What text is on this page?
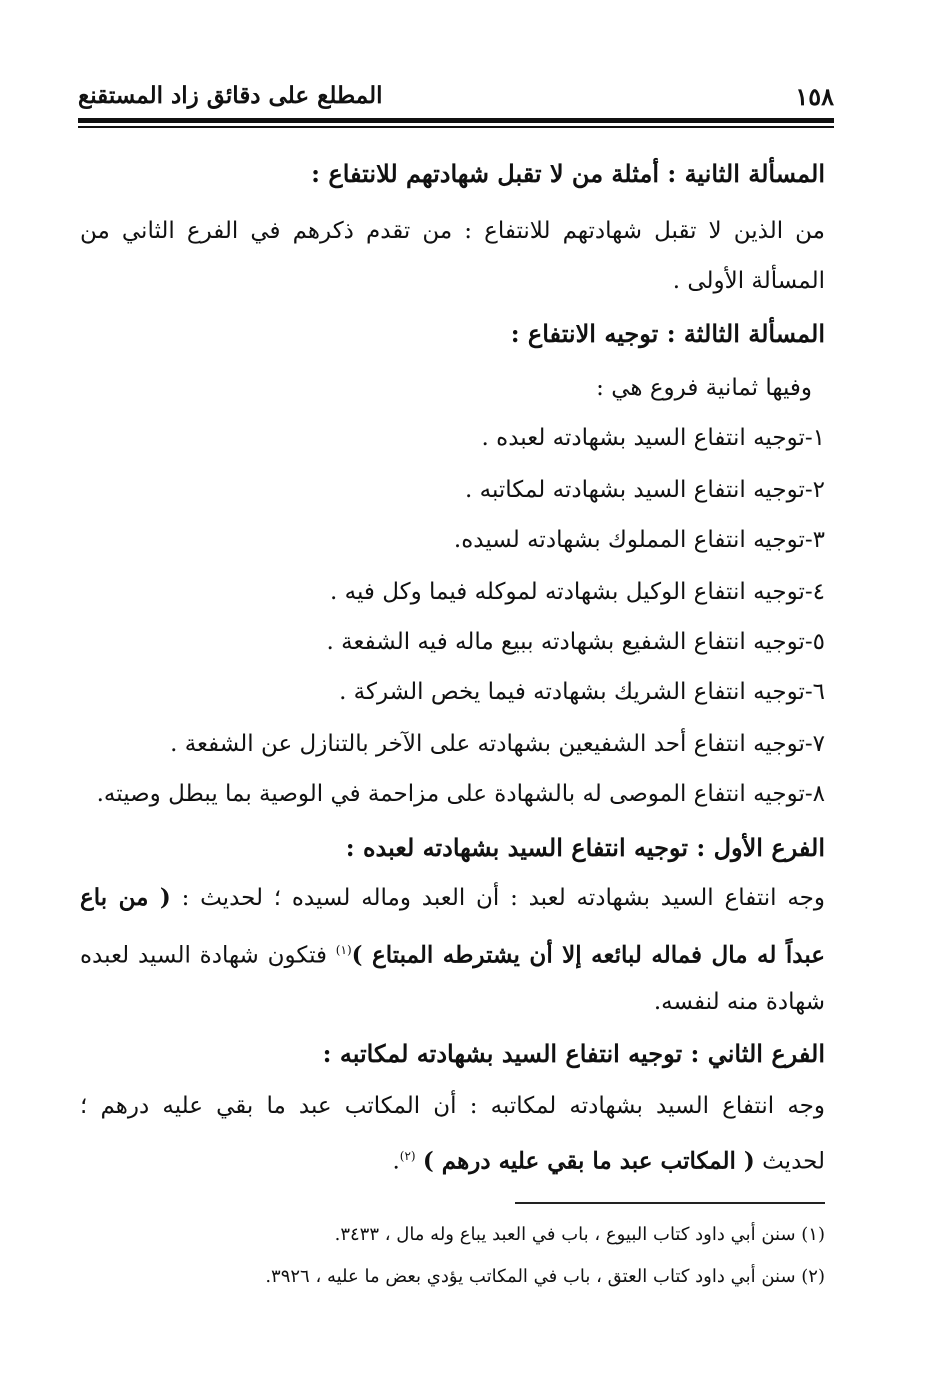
١٥٨
المطلع على دقائق زاد المستقنع
المسألة الثانية : أمثلة من لا تقبل شهادتهم للانتفاع :
من الذين لا تقبل شهادتهم للانتفاع : من تقدم ذكرهم في الفرع الثاني من
المسألة الأولى .
المسألة الثالثة : توجيه الانتفاع :
وفيها ثمانية فروع هي :
١-توجيه انتفاع السيد بشهادته لعبده .
٢-توجيه انتفاع السيد بشهادته لمكاتبه .
٣-توجيه انتفاع المملوك بشهادته لسيده.
٤-توجيه انتفاع الوكيل بشهادته لموكله فيما وكل فيه .
٥-توجيه انتفاع الشفيع بشهادته ببيع ماله فيه الشفعة .
٦-توجيه انتفاع الشريك بشهادته فيما يخص الشركة .
٧-توجيه انتفاع أحد الشفيعين بشهادته على الآخر بالتنازل عن الشفعة .
٨-توجيه انتفاع الموصى له بالشهادة على مزاحمة في الوصية بما يبطل وصيته.
الفرع الأول : توجيه انتفاع السيد بشهادته لعبده :
وجه انتفاع السيد بشهادته لعبد : أن العبد وماله لسيده ؛ لحديث : ( من باع
عبداً له مال فماله لبائعه إلا أن يشترطه المبتاع )$^{(١)}$ فتكون شهادة السيد لعبده
شهادة منه لنفسه.
الفرع الثاني : توجيه انتفاع السيد بشهادته لمكاتبه :
وجه انتفاع السيد بشهادته لمكاتبه : أن المكاتب عبد ما بقي عليه درهم ؛
لحديث ( المكاتب عبد ما بقي عليه درهم ) $^{(٢)}$.
(١) سنن أبي داود كتاب البيوع ، باب في العبد يباع وله مال ، ٣٤٣٣.
(٢) سنن أبي داود كتاب العتق ، باب في المكاتب يؤدي بعض ما عليه ، ٣٩٢٦.
